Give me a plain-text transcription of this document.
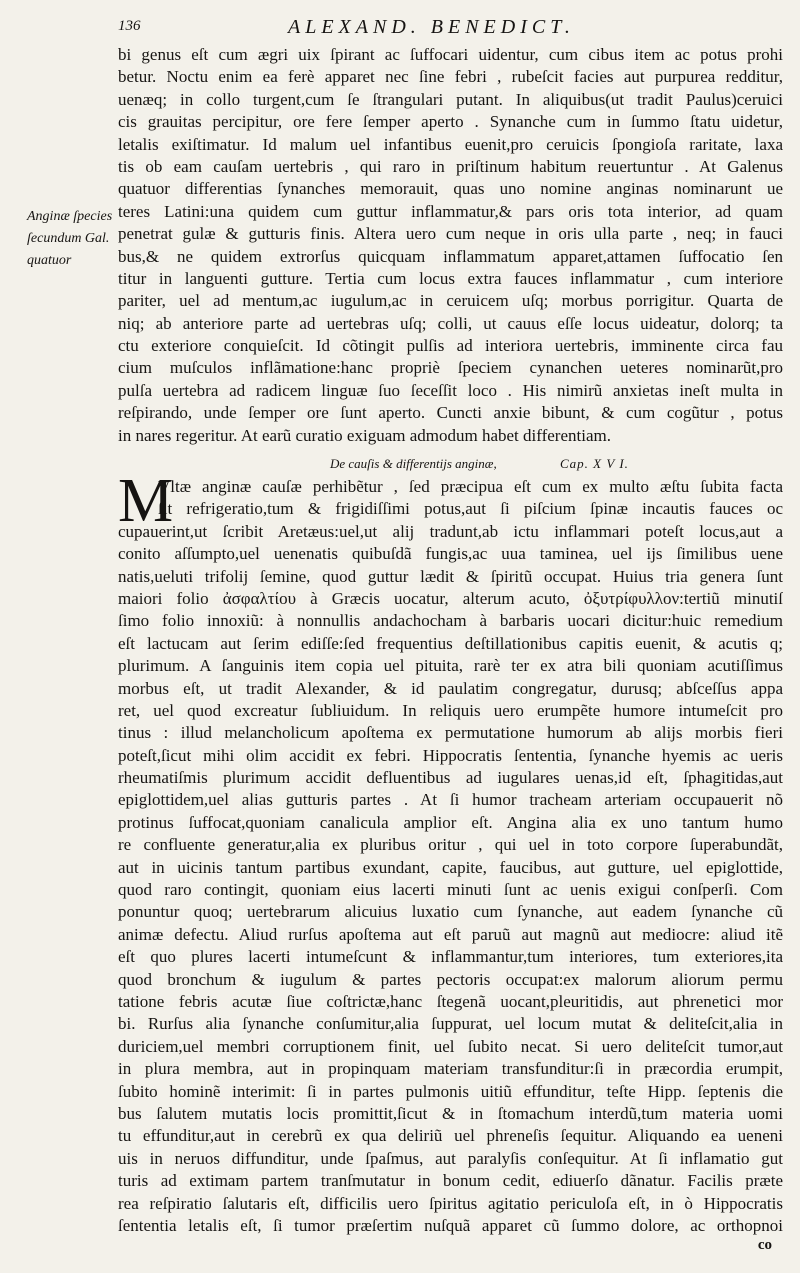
136	ALEXAND. BENEDICT.
Anginæ ſpecies
ſecundum Gal.
quatuor
bi genus eſt cum ægri uix ſpirant ac ſuffocari uidentur, cum cibus item ac potus prohi
betur. Noctu enim ea ferè apparet nec ſine febri , rubeſcit facies aut purpurea redditur,
uenæq; in collo turgent,cum ſe ſtrangulari putant. In aliquibus(ut tradit Paulus)ceruici
cis grauitas percipitur, ore fere ſemper aperto . Synanche cum in ſummo ſtatu uidetur,
letalis exiſtimatur. Id malum uel infantibus euenit,pro ceruicis ſpongioſa raritate, laxa
tis ob eam cauſam uertebris , qui raro in priſtinum habitum reuertuntur . At Galenus
quatuor differentias ſynanches memorauit, quas uno nomine anginas nominarunt ue
teres Latini:una quidem cum guttur inflammatur,& pars oris tota interior, ad quam
penetrat gulæ & gutturis finis. Altera uero cum neque in oris ulla parte , neq; in fauci
bus,& ne quidem extrorſus quicquam inflammatum apparet,attamen ſuffocatio ſen
titur in languenti gutture. Tertia cum locus extra fauces inflammatur , cum interiore
pariter, uel ad mentum,ac iugulum,ac in ceruicem uſq; morbus porrigitur. Quarta de
niq; ab anteriore parte ad uertebras uſq; colli, ut cauus eſſe locus uideatur, dolorq; ta
ctu exteriore conquieſcit. Id cõtingit pulſis ad interiora uertebris, imminente circa fau
cium muſculos inflãmatione:hanc propriè ſpeciem cynanchen ueteres nominarũt,pro
pulſa uertebra ad radicem linguæ ſuo ſeceſſit loco . His nimirũ anxietas ineſt multa in
reſpirando, unde ſemper ore ſunt aperto. Cuncti anxie bibunt, & cum cogũtur , potus
in nares regeritur. At earũ curatio exiguam admodum habet differentiam.
De cauſis & differentijs anginæ,	Cap. X V I.
M
Vltæ anginæ cauſæ perhibẽtur , ſed præcipua eſt cum ex multo æſtu ſubita facta
ſit refrigeratio,tum & frigidiſſimi potus,aut ſi piſcium ſpinæ incautis fauces oc
cupauerint,ut ſcribit Aretæus:uel,ut alij tradunt,ab ictu inflammari poteſt locus,aut a
conito aſſumpto,uel uenenatis quibuſdã fungis,ac uua taminea, uel ijs ſimilibus uene
natis,ueluti trifolij ſemine, quod guttur lædit & ſpiritũ occupat. Huius tria genera ſunt
maiori folio ἀσφαλτίου à Græcis uocatur, alterum acuto, ὀξυτρίφυλλον:tertiũ minutiſ
ſimo folio innoxiũ: à nonnullis andachocham à barbaris uocari dicitur:huic remedium
eſt lactucam aut ſerim ediſſe:ſed frequentius deſtillationibus capitis euenit, & acutis q;
plurimum. A ſanguinis item copia uel pituita, rarè ter ex atra bili quoniam acutiſſimus
morbus eſt, ut tradit Alexander, & id paulatim congregatur, durusq; abſceſſus appa
ret, uel quod excreatur ſubliuidum. In reliquis uero erumpẽte humore intumeſcit pro
tinus : illud melancholicum apoſtema ex permutatione humorum ab alijs morbis fieri
poteſt,ſicut mihi olim accidit ex febri. Hippocratis ſententia, ſynanche hyemis ac ueris
rheumatiſmis plurimum accidit defluentibus ad iugulares uenas,id eſt, ſphagitidas,aut
epiglottidem,uel alias gutturis partes . At ſi humor tracheam arteriam occupauerit nõ
protinus ſuffocat,quoniam canalicula amplior eſt. Angina alia ex uno tantum humo
re confluente generatur,alia ex pluribus oritur , qui uel in toto corpore ſuperabundãt,
aut in uicinis tantum partibus exundant, capite, faucibus, aut gutture, uel epiglottide,
quod raro contingit, quoniam eius lacerti minuti ſunt ac uenis exigui conſperſi. Com
ponuntur quoq; uertebrarum alicuius luxatio cum ſynanche, aut eadem ſynanche cũ
animæ defectu. Aliud rurſus apoſtema aut eſt paruũ aut magnũ aut mediocre: aliud itẽ
eſt quo plures lacerti intumeſcunt & inflammantur,tum interiores, tum exteriores,ita
quod bronchum & iugulum & partes pectoris occupat:ex malorum aliorum permu
tatione febris acutæ ſiue coſtrictæ,hanc ſtegenã uocant,pleuritidis, aut phrenetici mor
bi. Rurſus alia ſynanche conſumitur,alia ſuppurat, uel locum mutat & deliteſcit,alia in
duriciem,uel membri corruptionem finit, uel ſubito necat. Si uero deliteſcit tumor,aut
in plura membra, aut in propinquam materiam transfunditur:ſi in præcordia erumpit,
ſubito hominẽ interimit: ſi in partes pulmonis uitiũ effunditur, teſte Hipp. ſeptenis die
bus ſalutem mutatis locis promittit,ſicut & in ſtomachum interdũ,tum materia uomi
tu effunditur,aut in cerebrũ ex qua deliriũ uel phreneſis ſequitur. Aliquando ea ueneni
uis in neruos diffunditur, unde ſpaſmus, aut paralyſis conſequitur. At ſi inflamatio gut
turis ad extimam partem tranſmutatur in bonum cedit, ediuerſo dãnatur. Facilis præte
rea reſpiratio ſalutaris eſt, difficilis uero ſpiritus agitatio periculoſa eſt, in ò Hippocratis
ſententia letalis eſt, ſi tumor præſertim nuſquã apparet cũ ſummo dolore, ac orthopnoi
co
